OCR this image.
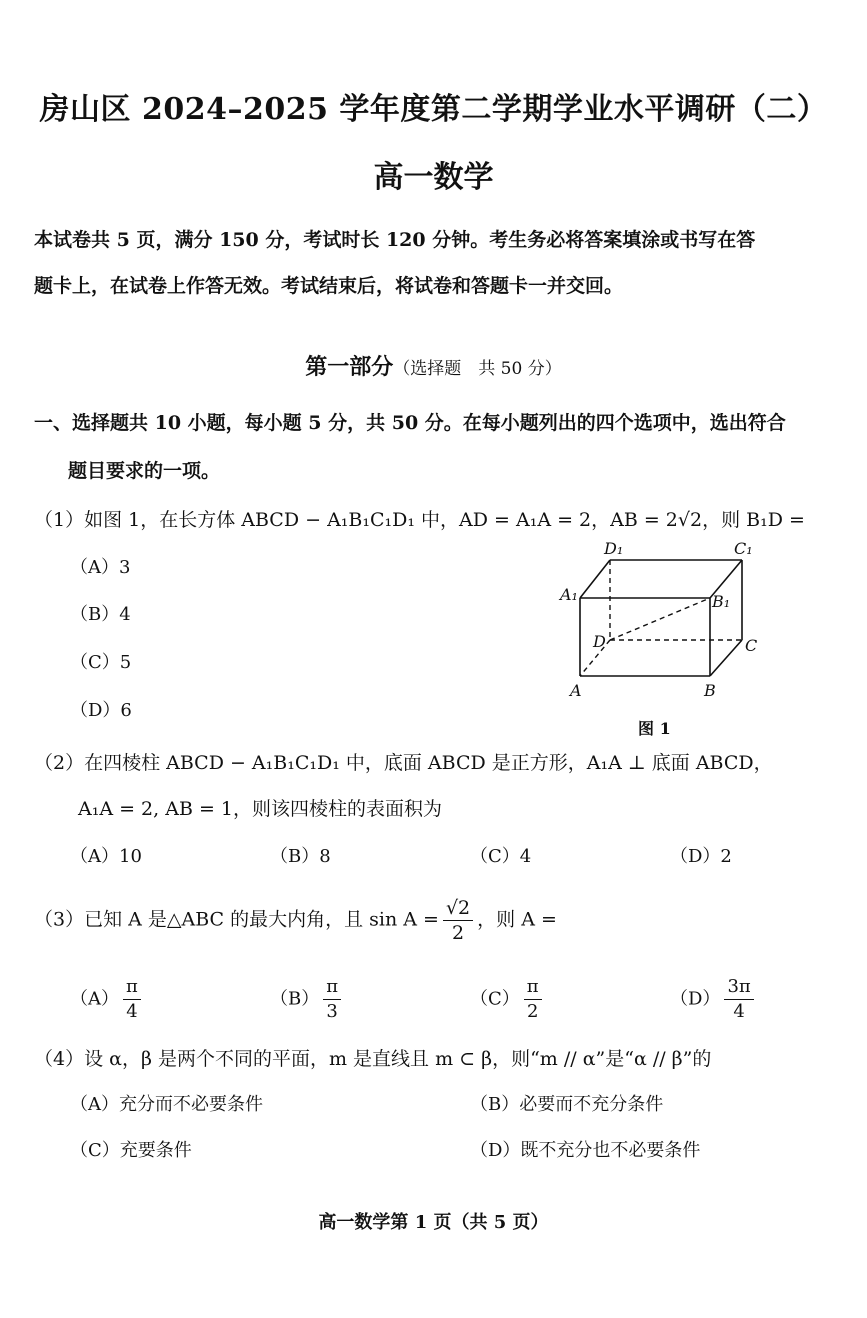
房山区 2024–2025 学年度第二学期学业水平调研（二）
高一数学
本试卷共 5 页，满分 150 分，考试时长 120 分钟。考生务必将答案填涂或书写在答
题卡上，在试卷上作答无效。考试结束后，将试卷和答题卡一并交回。
第一部分（选择题　共 50 分）
一、选择题共 10 小题，每小题 5 分，共 50 分。在每小题列出的四个选项中，选出符合
题目要求的一项。
（1）如图 1，在长方体 ABCD − A₁B₁C₁D₁ 中，AD = A₁A = 2，AB = 2√2，则 B₁D =
（A）3
（B）4
（C）5
（D）6
D₁	C₁
A₁	B₁
D	C
A	B
图 1
（2）在四棱柱 ABCD − A₁B₁C₁D₁ 中，底面 ABCD 是正方形，A₁A ⊥ 底面 ABCD，
A₁A = 2, AB = 1，则该四棱柱的表面积为
（A）10	（B）8	（C）4	（D）2
（3）已知 A 是△ABC 的最大内角，且 $\sin A = \frac{√2}{2}$ ，则 A =
$(A) \frac{\pi}{4}$	$(B) \frac{\pi}{3}$	$(C) \frac{\pi}{2}$	$(D) \frac{3\pi}{4}$
（4）设 α，β 是两个不同的平面，m 是直线且 m ⊂ β，则“m // α”是“α // β”的
（A）充分而不必要条件	（B）必要而不充分条件
（C）充要条件	（D）既不充分也不必要条件
高一数学第 1 页（共 5 页）
